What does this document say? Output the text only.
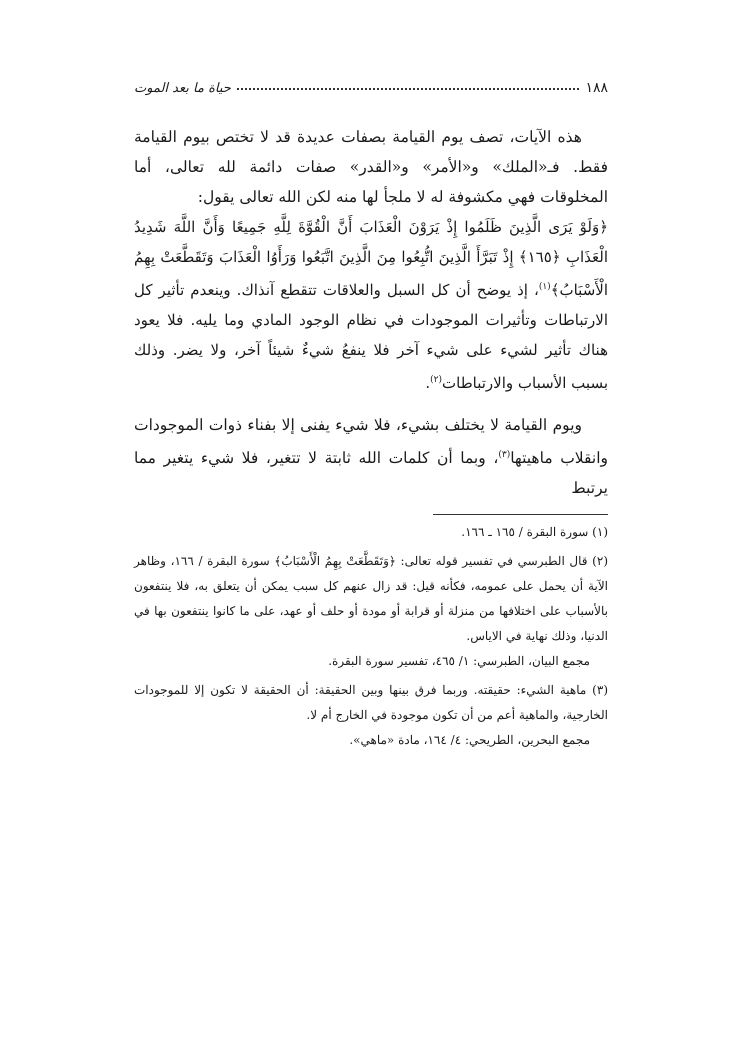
١٨٨
حياة ما بعد الموت

هذه الآيات، تصف يوم القيامة بصفات عديدة قد لا تختص بيوم القيامة فقط. فـ«الملك» و«الأمر» و«القدر» صفات دائمة لله تعالى، أما المخلوقات فهي مكشوفة له لا ملجأ لها منه لكن الله تعالى يقول:

﴿وَلَوْ يَرَى الَّذِينَ ظَلَمُوا إِذْ يَرَوْنَ الْعَذَابَ أَنَّ الْقُوَّةَ لِلَّهِ جَمِيعًا وَأَنَّ اللَّهَ شَدِيدُ الْعَذَابِ ﴿١٦٥﴾ إِذْ تَبَرَّأَ الَّذِينَ اتُّبِعُوا مِنَ الَّذِينَ اتَّبَعُوا وَرَأَوُا الْعَذَابَ وَتَقَطَّعَتْ بِهِمُ الْأَسْبَابُ﴾$^{(١)}$، إذ يوضح أن كل السبل والعلاقات تتقطع آنذاك. وينعدم تأثير كل الارتباطات وتأثيرات الموجودات في نظام الوجود المادي وما يليه. فلا يعود هناك تأثير لشيء على شيء آخر فلا ينفعُ شيءٌ شيئاً آخر، ولا يضر. وذلك بسبب الأسباب والارتباطات$^{(٢)}$.

ويوم القيامة لا يختلف بشيء، فلا شيء يفنى إلا بفناء ذوات الموجودات وانقلاب ماهيتها$^{(٣)}$، وبما أن كلمات الله ثابتة لا تتغير، فلا شيء يتغير مما يرتبط

(١) سورة البقرة / ١٦٥ ـ ١٦٦.
(٢) قال الطبرسي في تفسير قوله تعالى: ﴿وَتَقَطَّعَتْ بِهِمُ الْأَسْبَابُ﴾ سورة البقرة / ١٦٦، وظاهر الآية أن يحمل على عمومه، فكأنه قيل: قد زال عنهم كل سبب يمكن أن يتعلق به، فلا ينتفعون بالأسباب على اختلافها من منزلة أو قرابة أو مودة أو حلف أو عهد، على ما كانوا ينتفعون بها في الدنيا، وذلك نهاية في الاياس.
مجمع البيان، الطبرسي: ١/ ٤٦٥، تفسير سورة البقرة.
(٣) ماهية الشيء: حقيقته. وربما فرق بينها وبين الحقيقة: أن الحقيقة لا تكون إلا للموجودات الخارجية، والماهية أعم من أن تكون موجودة في الخارج أم لا.
مجمع البحرين، الطريحي: ٤/ ١٦٤، مادة «ماهي».
